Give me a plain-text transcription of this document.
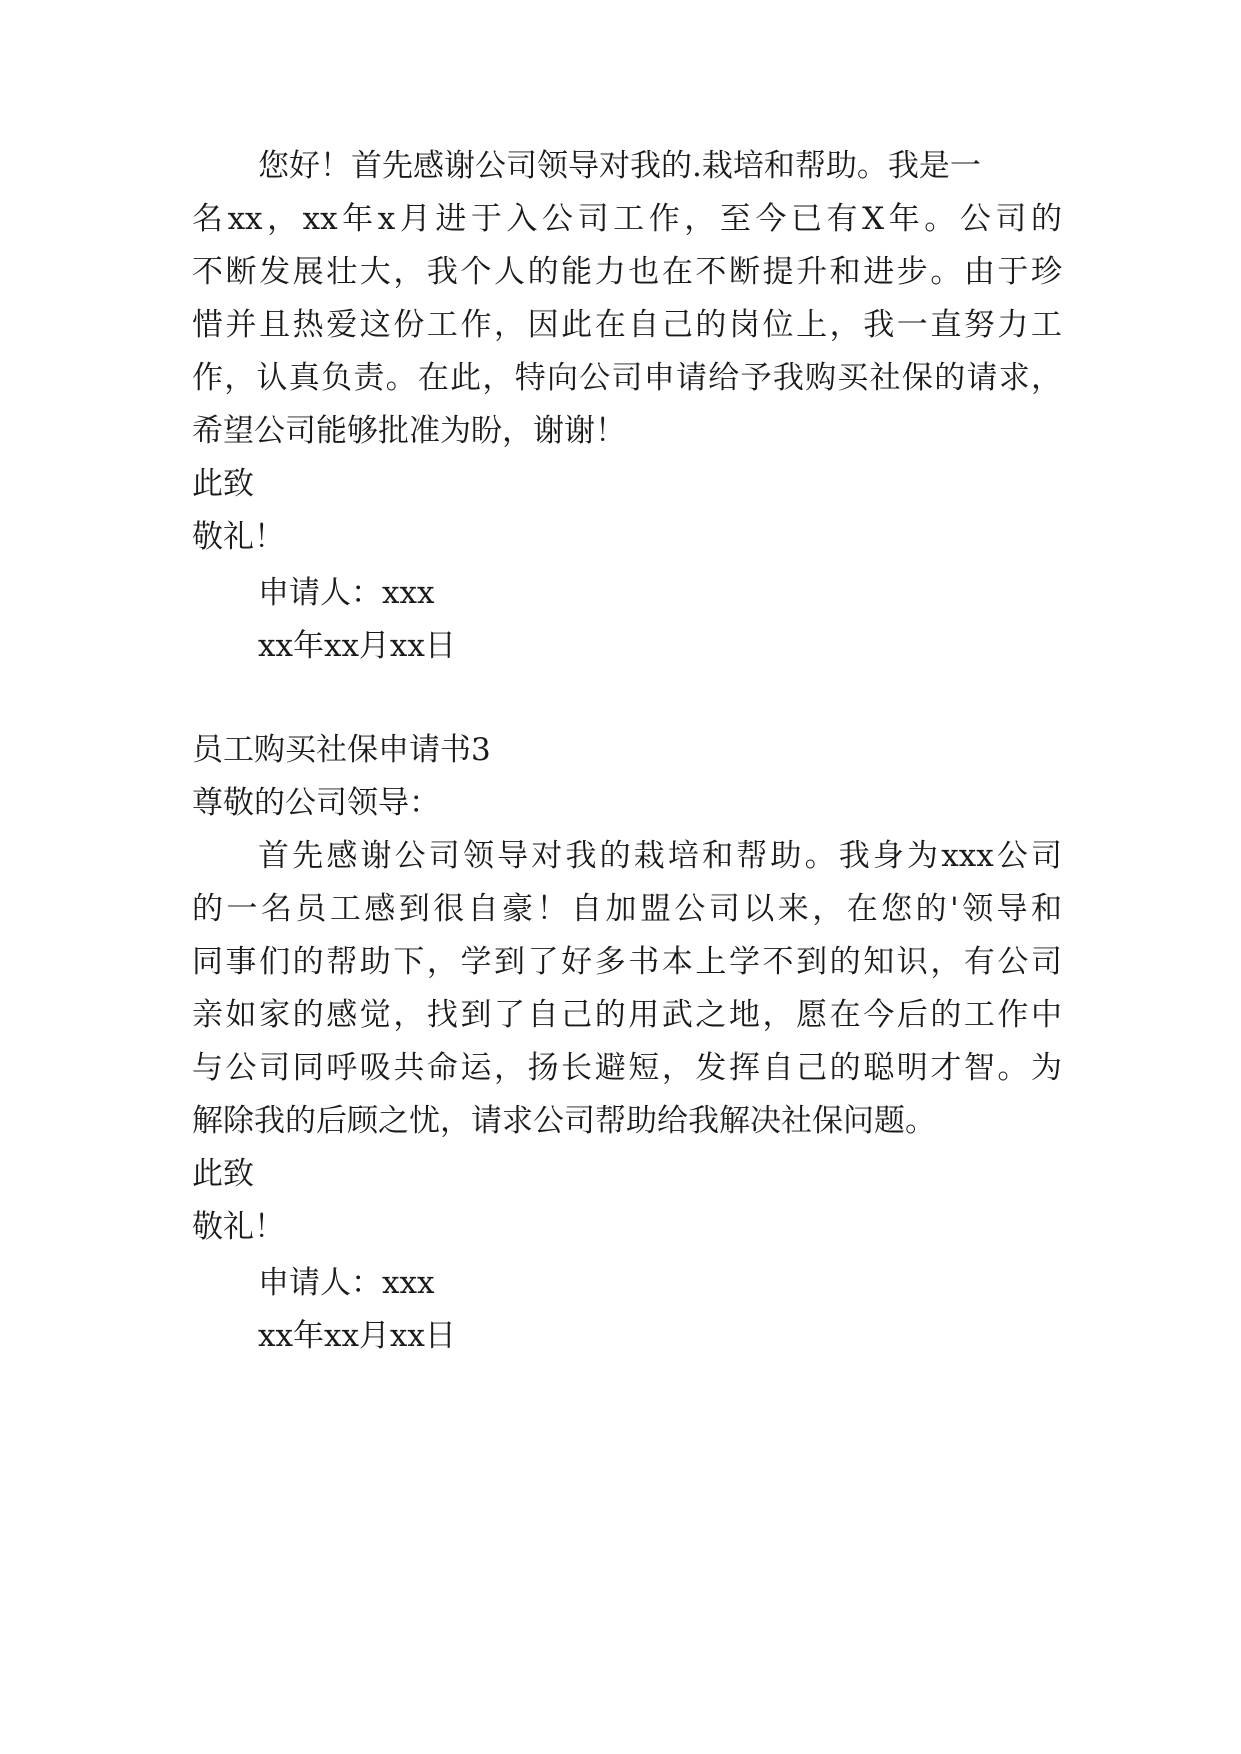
您好！首先感谢公司领导对我的.栽培和帮助。我是一
名xx，xx年x月进于入公司工作，至今已有X年。公司的
不断发展壮大，我个人的能力也在不断提升和进步。由于珍
惜并且热爱这份工作，因此在自己的岗位上，我一直努力工
作，认真负责。在此，特向公司申请给予我购买社保的请求，
希望公司能够批准为盼，谢谢！
此致
敬礼！
申请人：xxx
xx年xx月xx日
员工购买社保申请书3
尊敬的公司领导：
首先感谢公司领导对我的栽培和帮助。我身为xxx公司
的一名员工感到很自豪！自加盟公司以来，在您的'领导和
同事们的帮助下，学到了好多书本上学不到的知识，有公司
亲如家的感觉，找到了自己的用武之地，愿在今后的工作中
与公司同呼吸共命运，扬长避短，发挥自己的聪明才智。为
解除我的后顾之忧，请求公司帮助给我解决社保问题。
此致
敬礼！
申请人：xxx
xx年xx月xx日
